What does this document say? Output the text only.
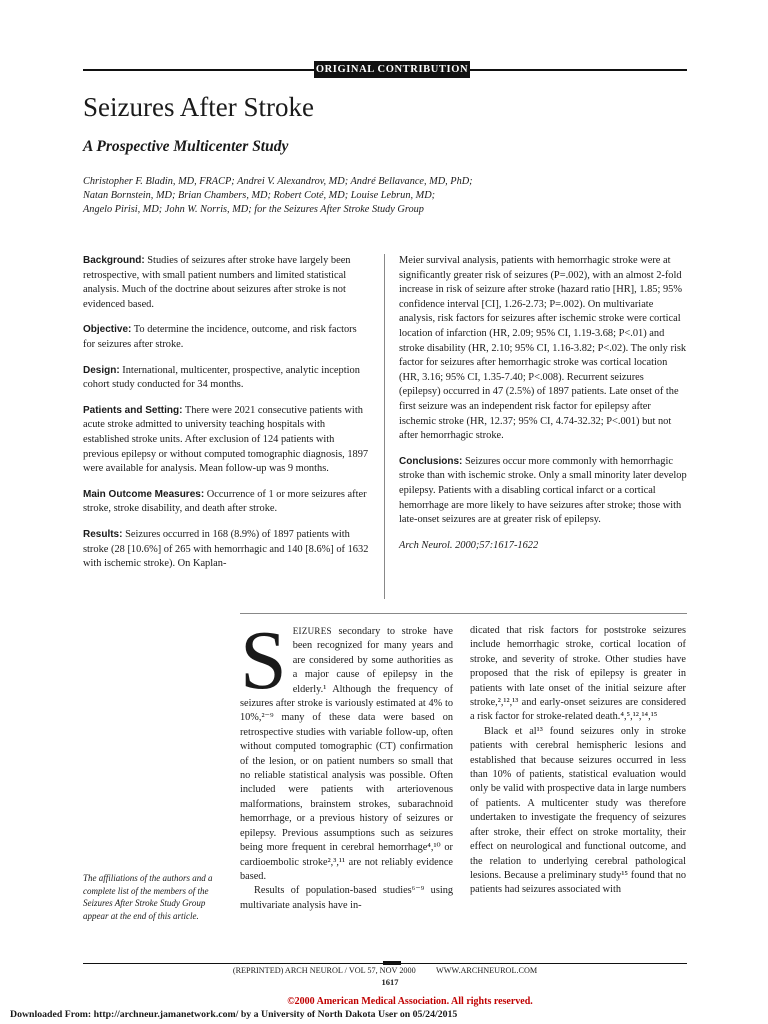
ORIGINAL CONTRIBUTION
Seizures After Stroke
A Prospective Multicenter Study
Christopher F. Bladin, MD, FRACP; Andrei V. Alexandrov, MD; André Bellavance, MD, PhD;
Natan Bornstein, MD; Brian Chambers, MD; Robert Coté, MD; Louise Lebrun, MD;
Angelo Pirisi, MD; John W. Norris, MD; for the Seizures After Stroke Study Group

Background: Studies of seizures after stroke have largely been retrospective, with small patient numbers and limited statistical analysis. Much of the doctrine about seizures after stroke is not evidenced based.

Objective: To determine the incidence, outcome, and risk factors for seizures after stroke.

Design: International, multicenter, prospective, analytic inception cohort study conducted for 34 months.

Patients and Setting: There were 2021 consecutive patients with acute stroke admitted to university teaching hospitals with established stroke units. After exclusion of 124 patients with previous epilepsy or without computed tomographic diagnosis, 1897 were available for analysis. Mean follow-up was 9 months.

Main Outcome Measures: Occurrence of 1 or more seizures after stroke, stroke disability, and death after stroke.

Results: Seizures occurred in 168 (8.9%) of 1897 patients with stroke (28 [10.6%] of 265 with hemorrhagic and 140 [8.6%] of 1632 with ischemic stroke). On Kaplan-

Meier survival analysis, patients with hemorrhagic stroke were at significantly greater risk of seizures (P=.002), with an almost 2-fold increase in risk of seizure after stroke (hazard ratio [HR], 1.85; 95% confidence interval [CI], 1.26-2.73; P=.002). On multivariate analysis, risk factors for seizures after ischemic stroke were cortical location of infarction (HR, 2.09; 95% CI, 1.19-3.68; P<.01) and stroke disability (HR, 2.10; 95% CI, 1.16-3.82; P<.02). The only risk factor for seizures after hemorrhagic stroke was cortical location (HR, 3.16; 95% CI, 1.35-7.40; P<.008). Recurrent seizures (epilepsy) occurred in 47 (2.5%) of 1897 patients. Late onset of the first seizure was an independent risk factor for epilepsy after ischemic stroke (HR, 12.37; 95% CI, 4.74-32.32; P<.001) but not after hemorrhagic stroke.

Conclusions: Seizures occur more commonly with hemorrhagic stroke than with ischemic stroke. Only a small minority later develop epilepsy. Patients with a disabling cortical infarct or a cortical hemorrhage are more likely to have seizures after stroke; those with late-onset seizures are at greater risk of epilepsy.

Arch Neurol. 2000;57:1617-1622

The affiliations of the authors and a complete list of the members of the Seizures After Stroke Study Group appear at the end of this article.

SEIZURES secondary to stroke have been recognized for many years and are considered by some authorities as a major cause of epilepsy in the elderly.¹ Although the frequency of seizures after stroke is variously estimated at 4% to 10%,²⁻⁹ many of these data were based on retrospective studies with variable follow-up, often without computed tomographic (CT) confirmation of the lesion, or on patient numbers so small that no reliable statistical analysis was possible. Often included were patients with arteriovenous malformations, brainstem strokes, subarachnoid hemorrhage, or a previous history of seizures or epilepsy. Previous assumptions such as seizures being more frequent in cerebral hemorrhage⁴,¹⁰ or cardioembolic stroke²,³,¹¹ are not reliably evidence based.

Results of population-based studies⁶⁻⁹ using multivariate analysis have in-

dicated that risk factors for poststroke seizures include hemorrhagic stroke, cortical location of stroke, and severity of stroke. Other studies have proposed that the risk of epilepsy is greater in patients with late onset of the initial seizure after stroke,²,¹²,¹³ and early-onset seizures are considered a risk factor for stroke-related death.⁴,⁵,¹²,¹⁴,¹⁵

Black et al¹³ found seizures only in stroke patients with cerebral hemispheric lesions and established that because seizures occurred in less than 10% of patients, statistical evaluation would only be valid with prospective data in large numbers of patients. A multicenter study was therefore undertaken to investigate the frequency of seizures after stroke, their effect on stroke mortality, their effect on neurological and functional outcome, and the relation to underlying cerebral pathological lesions. Because a preliminary study¹⁵ found that no patients had seizures associated with

(REPRINTED) ARCH NEUROL / VOL 57, NOV 2000          WWW.ARCHNEUROL.COM
1617
©2000 American Medical Association. All rights reserved.
Downloaded From: http://archneur.jamanetwork.com/ by a University of North Dakota User on 05/24/2015
